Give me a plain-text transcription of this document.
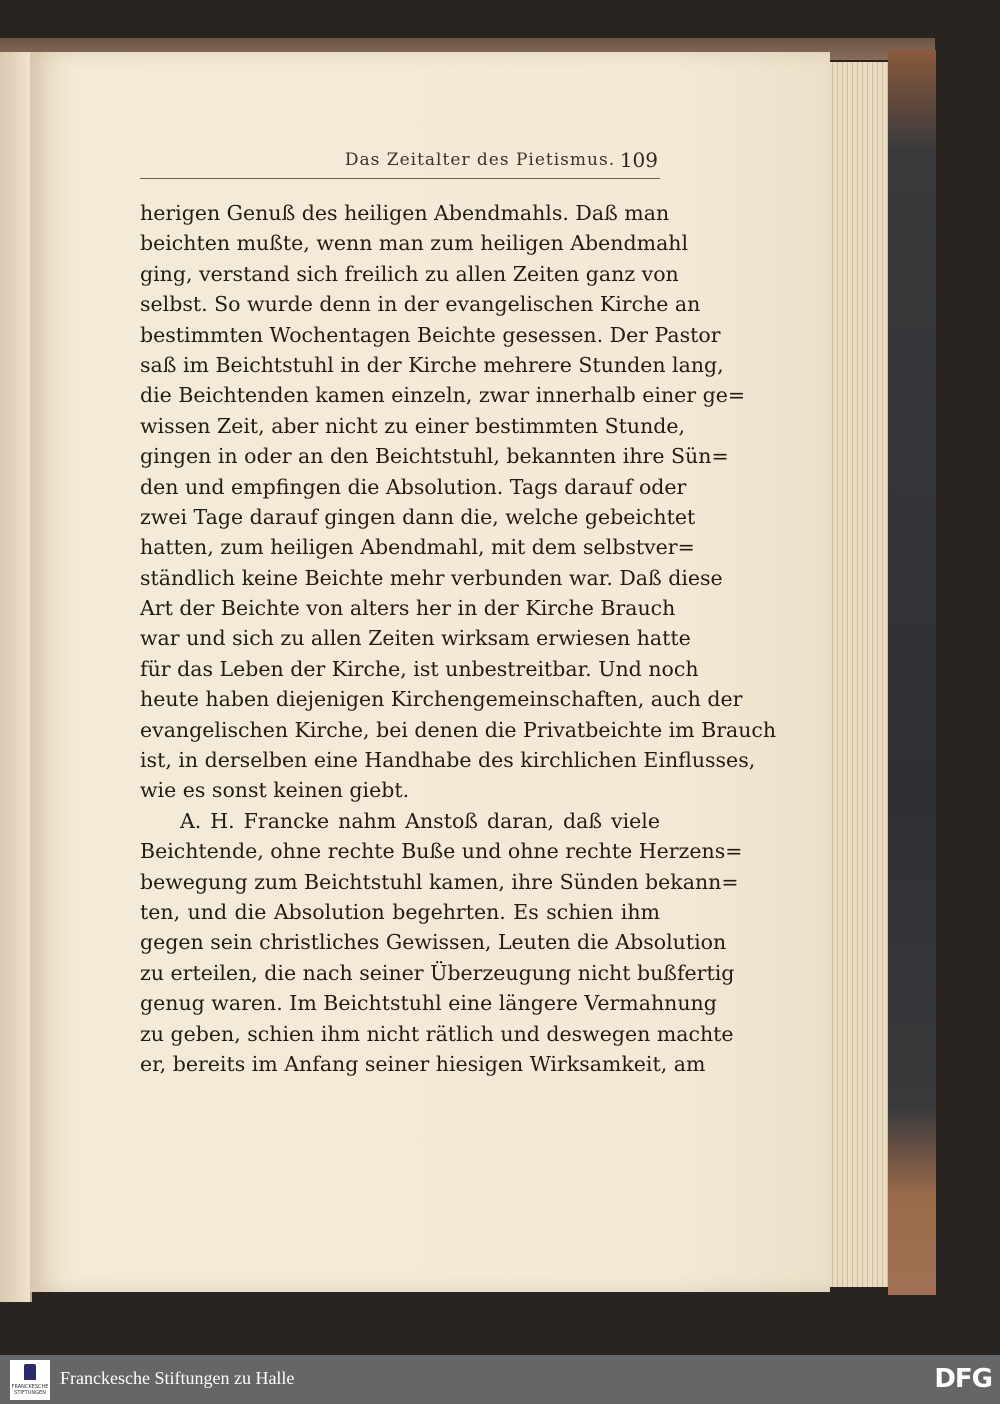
Das Zeitalter des Pietismus. 109
herigen Genuß des heiligen Abendmahls. Daß man
beichten mußte, wenn man zum heiligen Abendmahl
ging, verstand sich freilich zu allen Zeiten ganz von
selbst. So wurde denn in der evangelischen Kirche an
bestimmten Wochentagen Beichte gesessen. Der Pastor
saß im Beichtstuhl in der Kirche mehrere Stunden lang,
die Beichtenden kamen einzeln, zwar innerhalb einer ge=
wissen Zeit, aber nicht zu einer bestimmten Stunde,
gingen in oder an den Beichtstuhl, bekannten ihre Sün=
den und empfingen die Absolution. Tags darauf oder
zwei Tage darauf gingen dann die, welche gebeichtet
hatten, zum heiligen Abendmahl, mit dem selbstver=
ständlich keine Beichte mehr verbunden war. Daß diese
Art der Beichte von alters her in der Kirche Brauch
war und sich zu allen Zeiten wirksam erwiesen hatte
für das Leben der Kirche, ist unbestreitbar. Und noch
heute haben diejenigen Kirchengemeinschaften, auch der
evangelischen Kirche, bei denen die Privatbeichte im Brauch
ist, in derselben eine Handhabe des kirchlichen Einflusses,
wie es sonst keinen giebt.
A. H. Francke nahm Anstoß daran, daß viele
Beichtende, ohne rechte Buße und ohne rechte Herzens=
bewegung zum Beichtstuhl kamen, ihre Sünden bekann=
ten, und die Absolution begehrten. Es schien ihm
gegen sein christliches Gewissen, Leuten die Absolution
zu erteilen, die nach seiner Überzeugung nicht bußfertig
genug waren. Im Beichtstuhl eine längere Vermahnung
zu geben, schien ihm nicht rätlich und deswegen machte
er, bereits im Anfang seiner hiesigen Wirksamkeit, am
FRANCKESCHE STIFTUNGEN
Franckesche Stiftungen zu Halle	DFG
